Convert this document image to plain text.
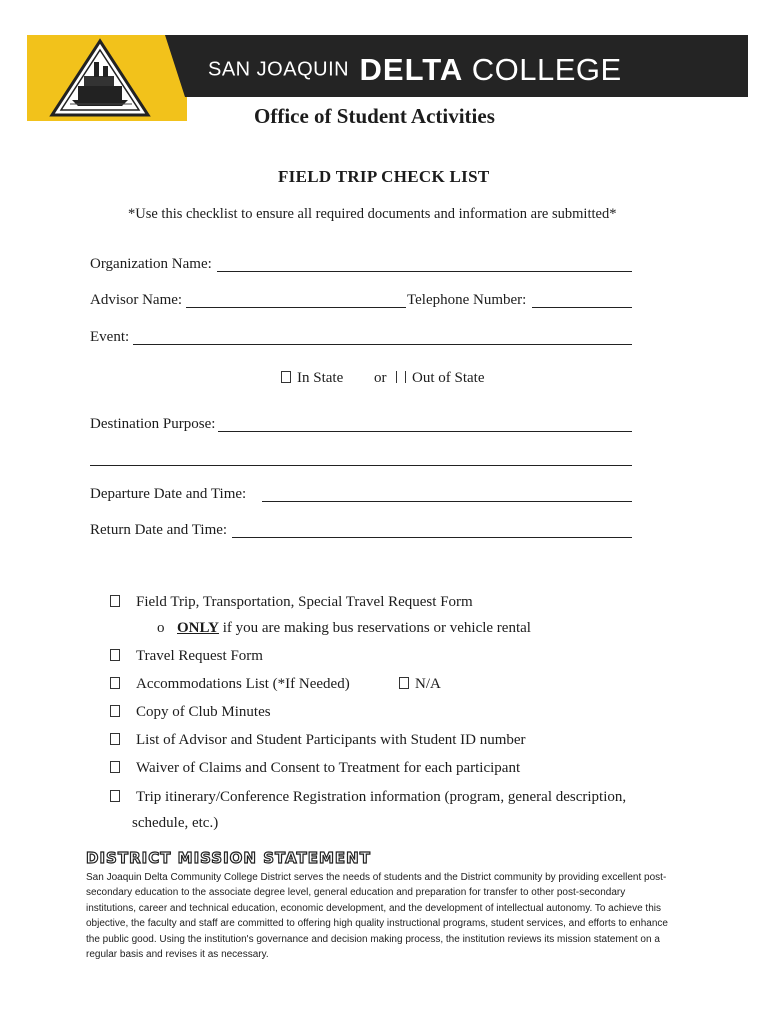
SAN JOAQUIN DELTA COLLEGE
Office of Student Activities
FIELD TRIP CHECK LIST
*Use this checklist to ensure all required documents and information are submitted*
Organization Name:
Advisor Name:	Telephone Number:
Event:
In State or	Out of State
Destination Purpose:
Departure Date and Time:
Return Date and Time:
Field Trip, Transportation, Special Travel Request Form
o ONLY if you are making bus reservations or vehicle rental
Travel Request Form
Accommodations List (*If Needed)	N/A
Copy of Club Minutes
List of Advisor and Student Participants with Student ID number
Waiver of Claims and Consent to Treatment for each participant
Trip itinerary/Conference Registration information (program, general description,
schedule, etc.)
DISTRICT MISSION STATEMENT
San Joaquin Delta Community College District serves the needs of students and the District community by providing excellent post-secondary education to the associate degree level, general education and preparation for transfer to other post-secondary institutions, career and technical education, economic development, and the development of intellectual autonomy. To achieve this objective, the faculty and staff are committed to offering high quality instructional programs, student services, and efforts to enhance the public good. Using the institution's governance and decision making process, the institution reviews its mission statement on a regular basis and revises it as necessary.
